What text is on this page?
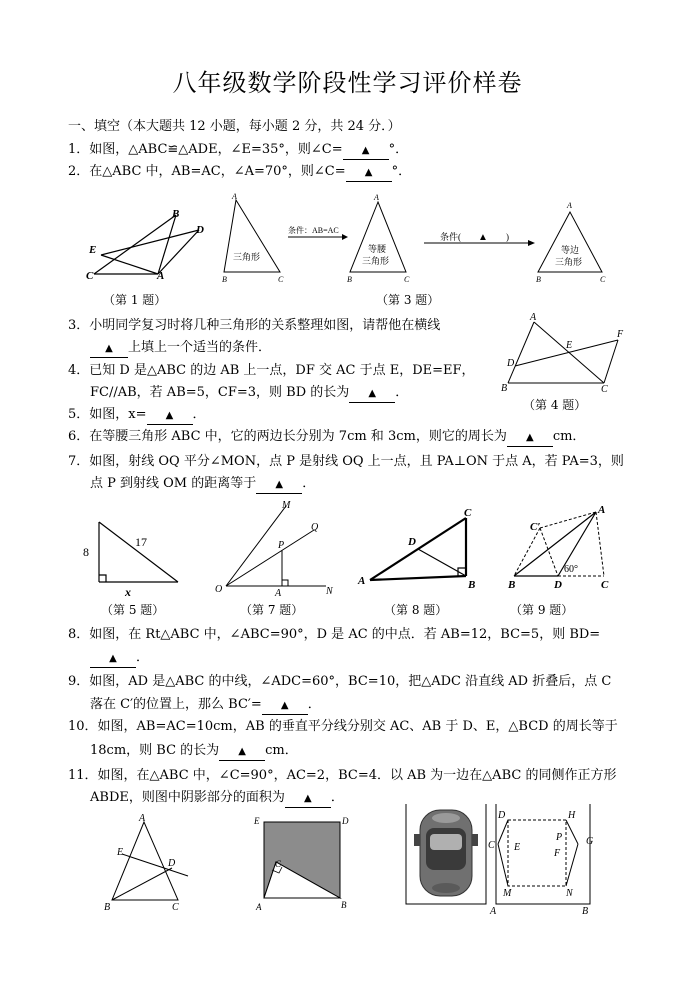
八年级数学阶段性学习评价样卷
一、填空（本大题共 12 小题，每小题 2 分，共 24 分．）
1．如图，△ABC≌△ADE，∠E=35°，则∠C= ▲ °．
2．在△ABC 中，AB=AC，∠A=70°，则∠C= ▲ °．
B
D
E
C	A
（第 1 题）
A
B	C
A
B	C
A
B	C
三角形
等腰
三角形
等边
三角形
条件：AB=AC
条件( ▲ )
（第 3 题）
3．小明同学复习时将几种三角形的关系整理如图，请帮他在横线
▲ 上填上一个适当的条件．
A
F
E
D
B	C
（第 4 题）
4．已知 D 是△ABC 的边 AB 上一点，DF 交 AC 于点 E，DE=EF，
FC//AB，若 AB=5，CF=3，则 BD 的长为 ▲ ．
5．如图，x= ▲ ．
6．在等腰三角形 ABC 中，它的两边长分别为 7cm 和 3cm，则它的周长为 ▲ cm．
7．如图，射线 OQ 平分∠MON，点 P 是射线 OQ 上一点，且 PA⊥ON 于点 A，若 PA=3，则
点 P 到射线 OM 的距离等于 ▲ ．
8
17
x
（第 5 题）
M
Q
P
O	A	N
（第 7 题）
C
D
A	B
（第 8 题）
A
C′
B	D	C
60°
（第 9 题）
8．如图，在 Rt△ABC 中，∠ABC=90°，D 是 AC 的中点．若 AB=12，BC=5，则 BD=
▲ ．
9．如图，AD 是△ABC 的中线，∠ADC=60°，BC=10，把△ADC 沿直线 AD 折叠后，点 C
落在 C′的位置上，那么 BC′= ▲ ．
10．如图，AB=AC=10cm，AB 的垂直平分线分别交 AC、AB 于 D、E，△BCD 的周长等于
18cm，则 BC 的长为 ▲ cm．
11．如图，在△ABC 中，∠C=90°，AC=2，BC=4．以 AB 为一边在△ABC 的同侧作正方形
ABDE，则图中阴影部分的面积为 ▲ ．
A
E
D
B	C
E	D
C
A	B
D	H
C E
P
F
G
M	N
A	B
